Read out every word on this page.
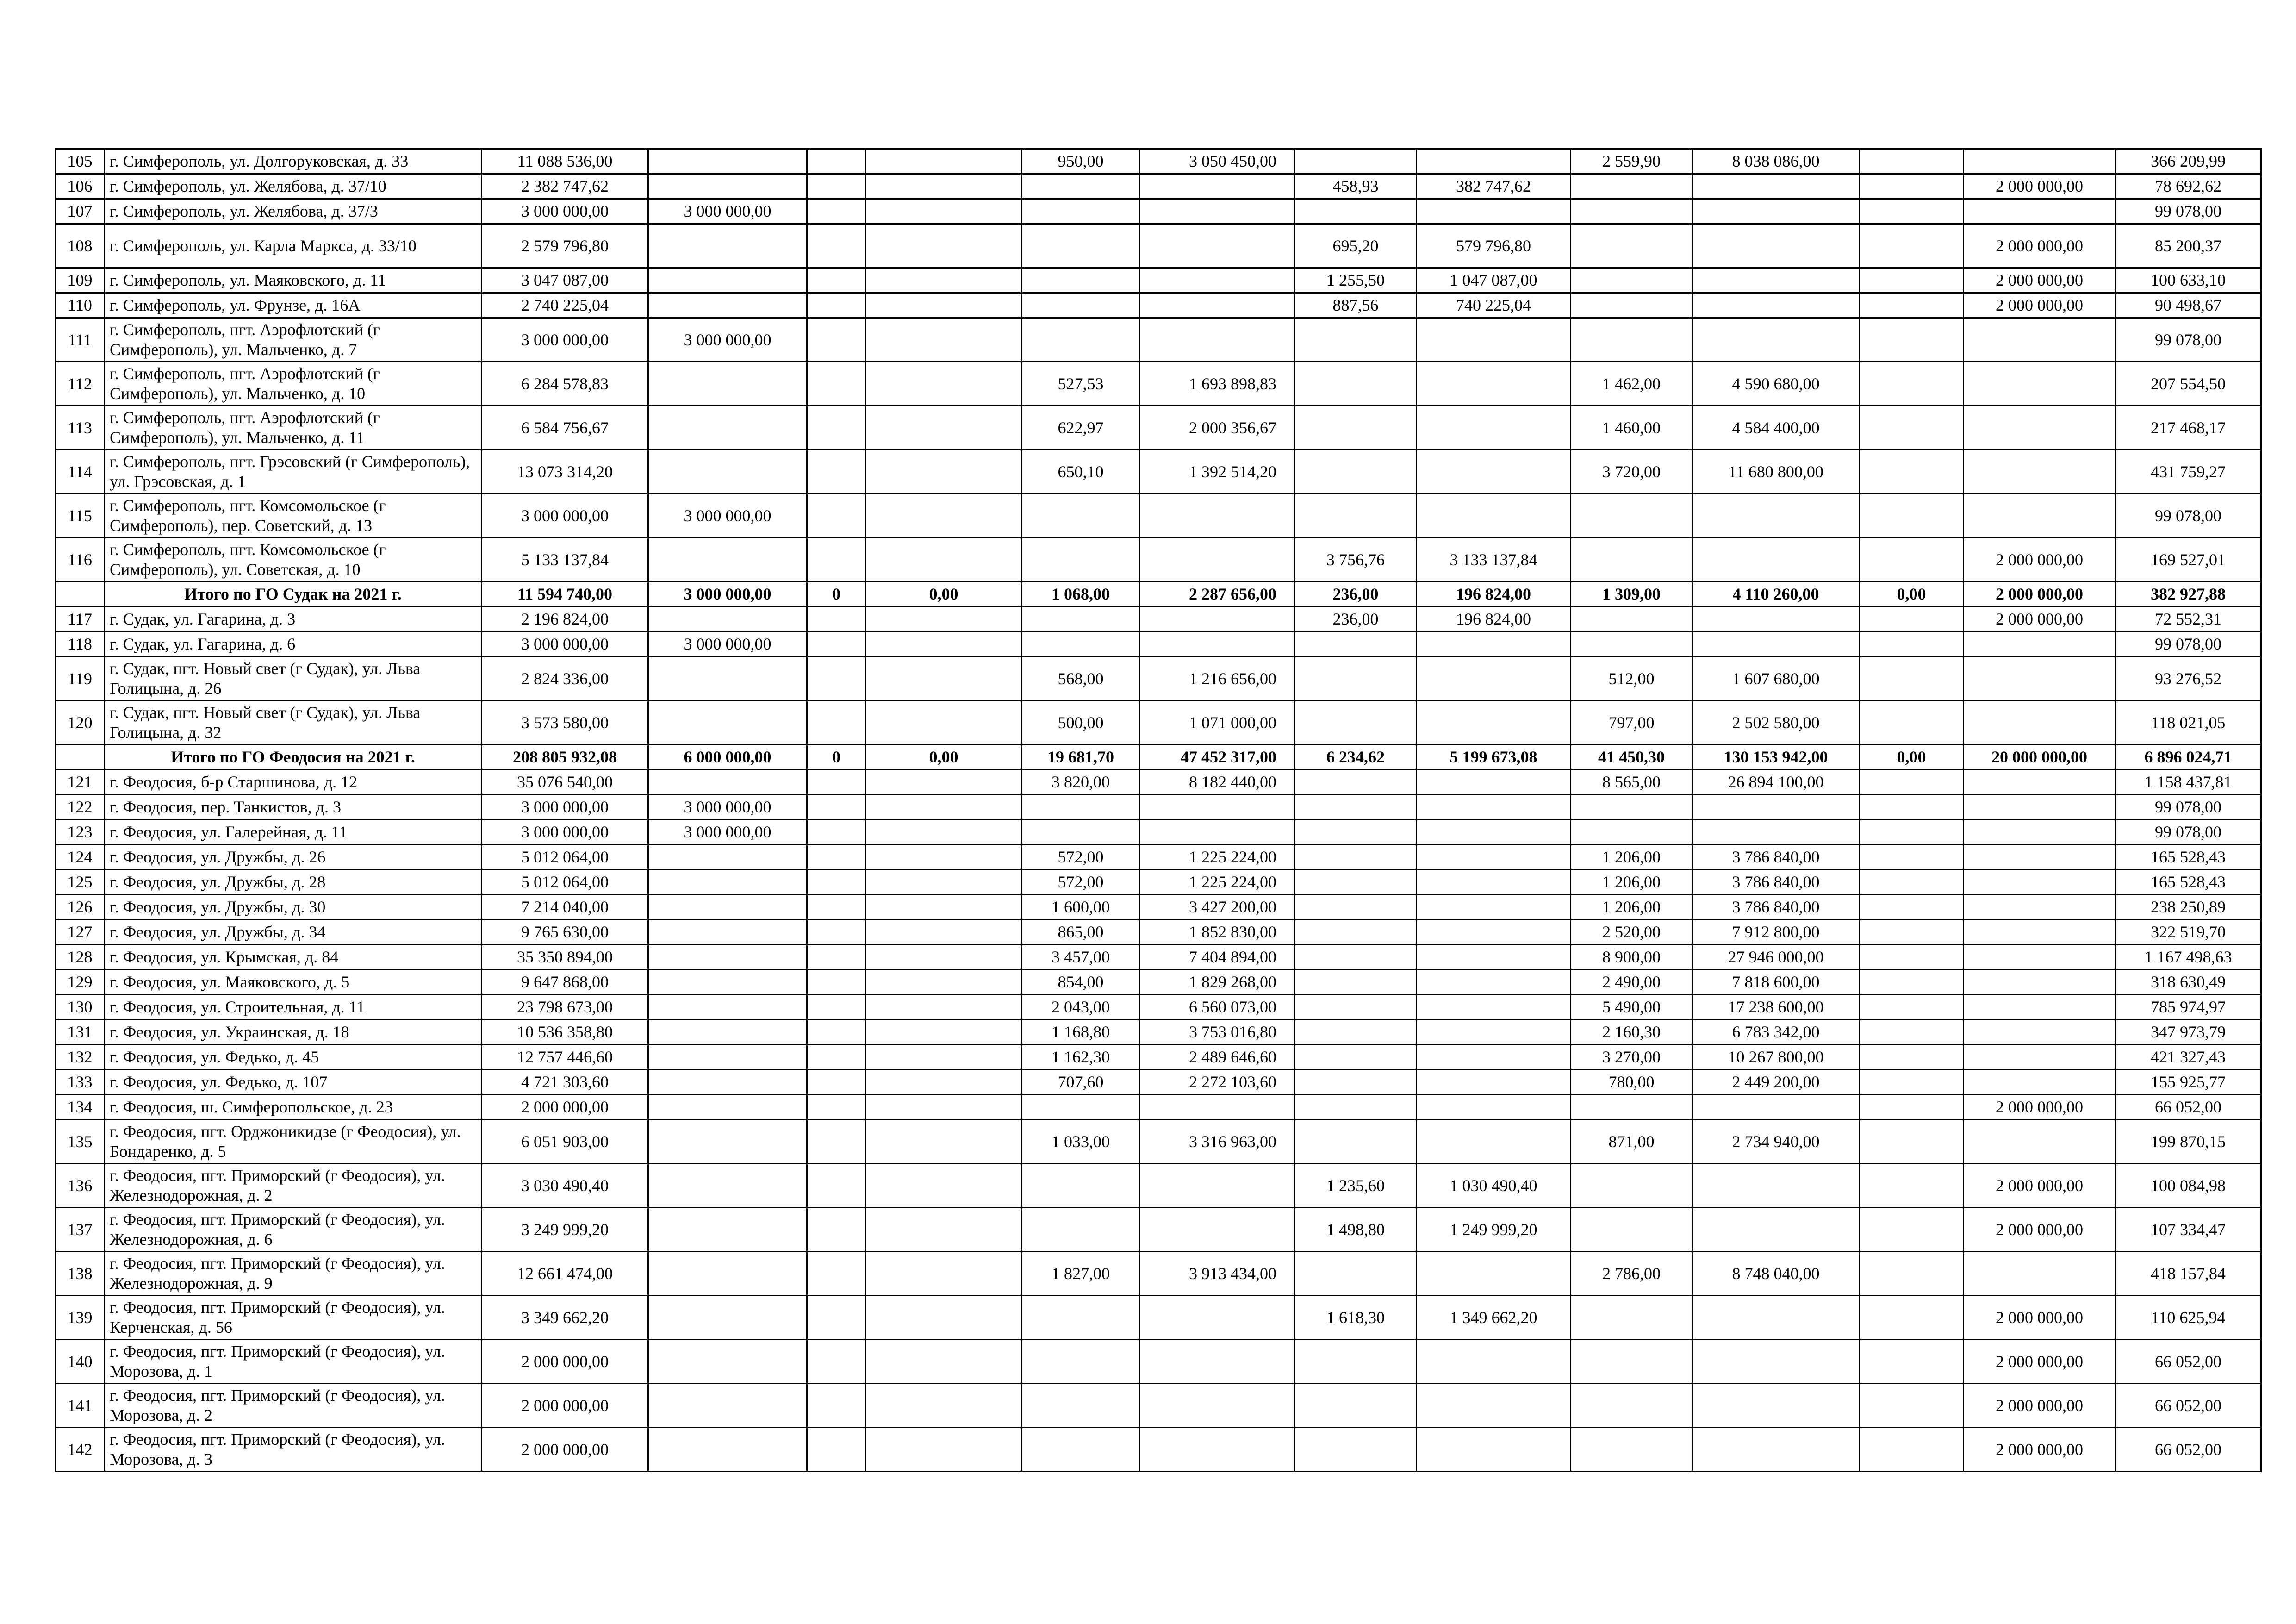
105	г. Симферополь, ул. Долгоруковская, д. 33	11 088 536,00				950,00	3 050 450,00			2 559,90	8 038 086,00			366 209,99
106	г. Симферополь, ул. Желябова, д. 37/10	2 382 747,62						458,93	382 747,62				2 000 000,00	78 692,62
107	г. Симферополь, ул. Желябова, д. 37/3	3 000 000,00	3 000 000,00											99 078,00
108	г. Симферополь, ул. Карла Маркса, д. 33/10	2 579 796,80						695,20	579 796,80				2 000 000,00	85 200,37
109	г. Симферополь, ул. Маяковского, д. 11	3 047 087,00						1 255,50	1 047 087,00				2 000 000,00	100 633,10
110	г. Симферополь, ул. Фрунзе, д. 16А	2 740 225,04						887,56	740 225,04				2 000 000,00	90 498,67
111	г. Симферополь, пгт. Аэрофлотский (г Симферополь), ул. Мальченко, д. 7	3 000 000,00	3 000 000,00											99 078,00
112	г. Симферополь, пгт. Аэрофлотский (г Симферополь), ул. Мальченко, д. 10	6 284 578,83				527,53	1 693 898,83			1 462,00	4 590 680,00			207 554,50
113	г. Симферополь, пгт. Аэрофлотский (г Симферополь), ул. Мальченко, д. 11	6 584 756,67				622,97	2 000 356,67			1 460,00	4 584 400,00			217 468,17
114	г. Симферополь, пгт. Грэсовский (г Симферополь), ул. Грэсовская, д. 1	13 073 314,20				650,10	1 392 514,20			3 720,00	11 680 800,00			431 759,27
115	г. Симферополь, пгт. Комсомольское (г Симферополь), пер. Советский, д. 13	3 000 000,00	3 000 000,00											99 078,00
116	г. Симферополь, пгт. Комсомольское (г Симферополь), ул. Советская, д. 10	5 133 137,84						3 756,76	3 133 137,84				2 000 000,00	169 527,01
	Итого по ГО Судак на 2021 г.	11 594 740,00	3 000 000,00	0	0,00	1 068,00	2 287 656,00	236,00	196 824,00	1 309,00	4 110 260,00	0,00	2 000 000,00	382 927,88
117	г. Судак, ул. Гагарина, д. 3	2 196 824,00						236,00	196 824,00				2 000 000,00	72 552,31
118	г. Судак, ул. Гагарина, д. 6	3 000 000,00	3 000 000,00											99 078,00
119	г. Судак, пгт. Новый свет (г Судак), ул. Льва Голицына, д. 26	2 824 336,00				568,00	1 216 656,00			512,00	1 607 680,00			93 276,52
120	г. Судак, пгт. Новый свет (г Судак), ул. Льва Голицына, д. 32	3 573 580,00				500,00	1 071 000,00			797,00	2 502 580,00			118 021,05
	Итого по ГО Феодосия на 2021 г.	208 805 932,08	6 000 000,00	0	0,00	19 681,70	47 452 317,00	6 234,62	5 199 673,08	41 450,30	130 153 942,00	0,00	20 000 000,00	6 896 024,71
121	г. Феодосия, б-р Старшинова, д. 12	35 076 540,00				3 820,00	8 182 440,00			8 565,00	26 894 100,00			1 158 437,81
122	г. Феодосия, пер. Танкистов, д. 3	3 000 000,00	3 000 000,00											99 078,00
123	г. Феодосия, ул. Галерейная, д. 11	3 000 000,00	3 000 000,00											99 078,00
124	г. Феодосия, ул. Дружбы, д. 26	5 012 064,00				572,00	1 225 224,00			1 206,00	3 786 840,00			165 528,43
125	г. Феодосия, ул. Дружбы, д. 28	5 012 064,00				572,00	1 225 224,00			1 206,00	3 786 840,00			165 528,43
126	г. Феодосия, ул. Дружбы, д. 30	7 214 040,00				1 600,00	3 427 200,00			1 206,00	3 786 840,00			238 250,89
127	г. Феодосия, ул. Дружбы, д. 34	9 765 630,00				865,00	1 852 830,00			2 520,00	7 912 800,00			322 519,70
128	г. Феодосия, ул. Крымская, д. 84	35 350 894,00				3 457,00	7 404 894,00			8 900,00	27 946 000,00			1 167 498,63
129	г. Феодосия, ул. Маяковского, д. 5	9 647 868,00				854,00	1 829 268,00			2 490,00	7 818 600,00			318 630,49
130	г. Феодосия, ул. Строительная, д. 11	23 798 673,00				2 043,00	6 560 073,00			5 490,00	17 238 600,00			785 974,97
131	г. Феодосия, ул. Украинская, д. 18	10 536 358,80				1 168,80	3 753 016,80			2 160,30	6 783 342,00			347 973,79
132	г. Феодосия, ул. Федько, д. 45	12 757 446,60				1 162,30	2 489 646,60			3 270,00	10 267 800,00			421 327,43
133	г. Феодосия, ул. Федько, д. 107	4 721 303,60				707,60	2 272 103,60			780,00	2 449 200,00			155 925,77
134	г. Феодосия, ш. Симферопольское, д. 23	2 000 000,00											2 000 000,00	66 052,00
135	г. Феодосия, пгт. Орджоникидзе (г Феодосия), ул. Бондаренко, д. 5	6 051 903,00				1 033,00	3 316 963,00			871,00	2 734 940,00			199 870,15
136	г. Феодосия, пгт. Приморский (г Феодосия), ул. Железнодорожная, д. 2	3 030 490,40						1 235,60	1 030 490,40				2 000 000,00	100 084,98
137	г. Феодосия, пгт. Приморский (г Феодосия), ул. Железнодорожная, д. 6	3 249 999,20						1 498,80	1 249 999,20				2 000 000,00	107 334,47
138	г. Феодосия, пгт. Приморский (г Феодосия), ул. Железнодорожная, д. 9	12 661 474,00				1 827,00	3 913 434,00			2 786,00	8 748 040,00			418 157,84
139	г. Феодосия, пгт. Приморский (г Феодосия), ул. Керченская, д. 56	3 349 662,20						1 618,30	1 349 662,20				2 000 000,00	110 625,94
140	г. Феодосия, пгт. Приморский (г Феодосия), ул. Морозова, д. 1	2 000 000,00											2 000 000,00	66 052,00
141	г. Феодосия, пгт. Приморский (г Феодосия), ул. Морозова, д. 2	2 000 000,00											2 000 000,00	66 052,00
142	г. Феодосия, пгт. Приморский (г Феодосия), ул. Морозова, д. 3	2 000 000,00											2 000 000,00	66 052,00
